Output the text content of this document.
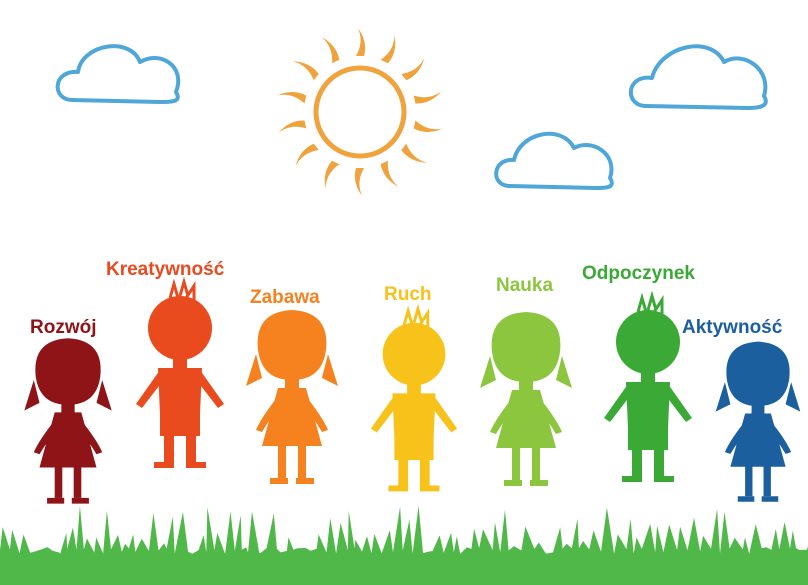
Rozwój
Kreatywność
Zabawa	Ruch	Nauka
Odpoczynek
Aktywność
